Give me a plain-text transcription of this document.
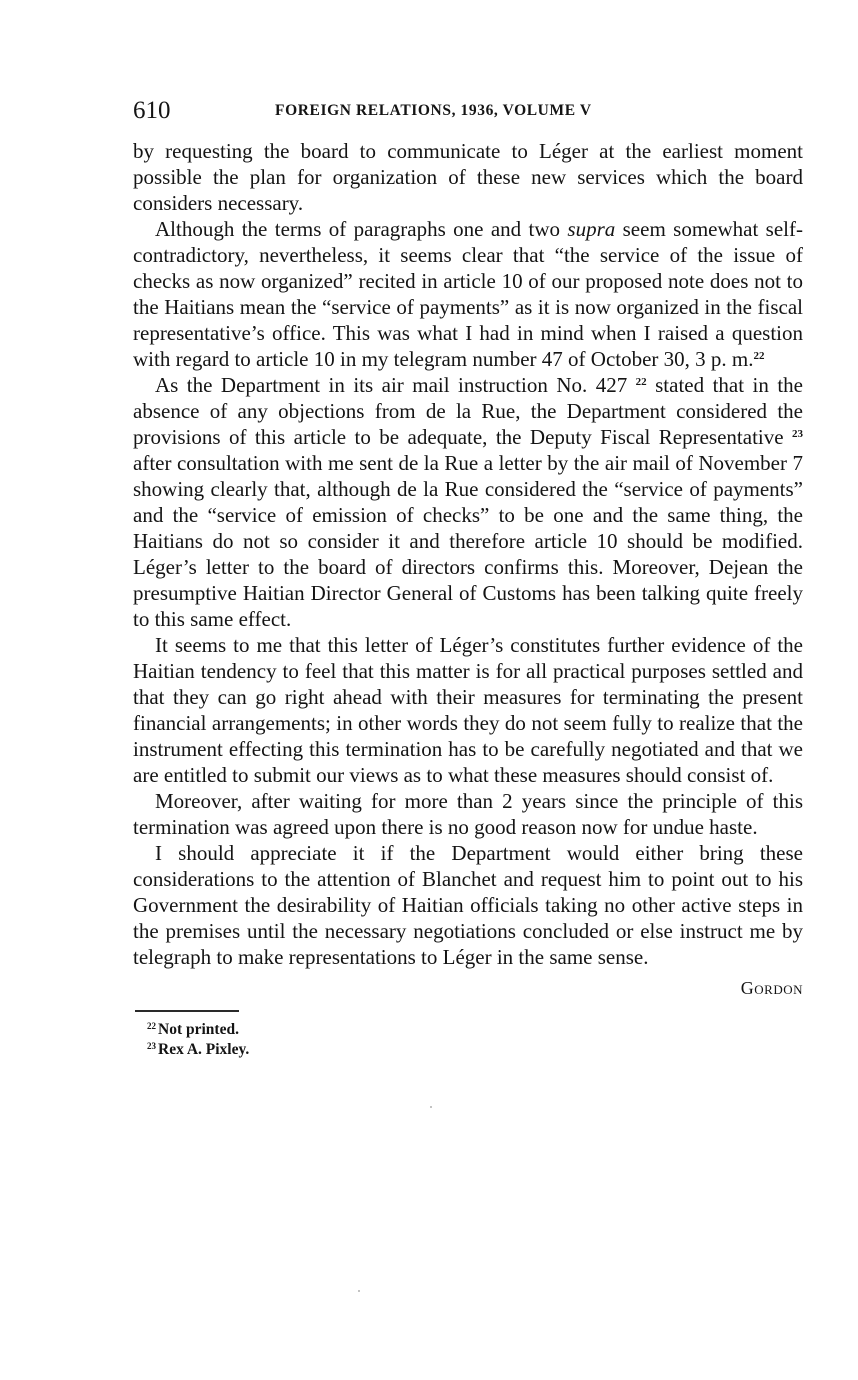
610	FOREIGN RELATIONS, 1936, VOLUME V

by requesting the board to communicate to Léger at the earliest moment possible the plan for organization of these new services which the board considers necessary.

Although the terms of paragraphs one and two supra seem somewhat self-contradictory, nevertheless, it seems clear that “the service of the issue of checks as now organized” recited in article 10 of our proposed note does not to the Haitians mean the “service of payments” as it is now organized in the fiscal representative’s office. This was what I had in mind when I raised a question with regard to article 10 in my telegram number 47 of October 30, 3 p. m.$^{22}$

As the Department in its air mail instruction No. 427 $^{22}$ stated that in the absence of any objections from de la Rue, the Department considered the provisions of this article to be adequate, the Deputy Fiscal Representative $^{23}$ after consultation with me sent de la Rue a letter by the air mail of November 7 showing clearly that, although de la Rue considered the “service of payments” and the “service of emission of checks” to be one and the same thing, the Haitians do not so consider it and therefore article 10 should be modified. Léger’s letter to the board of directors confirms this. Moreover, Dejean the presumptive Haitian Director General of Customs has been talking quite freely to this same effect.

It seems to me that this letter of Léger’s constitutes further evidence of the Haitian tendency to feel that this matter is for all practical purposes settled and that they can go right ahead with their measures for terminating the present financial arrangements; in other words they do not seem fully to realize that the instrument effecting this termination has to be carefully negotiated and that we are entitled to submit our views as to what these measures should consist of.

Moreover, after waiting for more than 2 years since the principle of this termination was agreed upon there is no good reason now for undue haste.

I should appreciate it if the Department would either bring these considerations to the attention of Blanchet and request him to point out to his Government the desirability of Haitian officials taking no other active steps in the premises until the necessary negotiations concluded or else instruct me by telegraph to make representations to Léger in the same sense.

Gordon
$^{22}$ Not printed.
$^{23}$ Rex A. Pixley.
